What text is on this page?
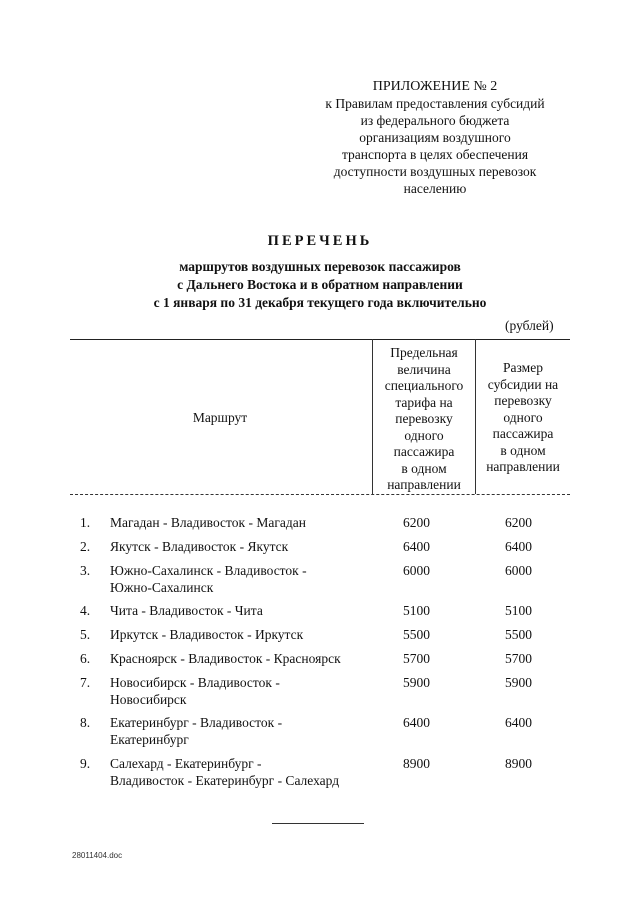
ПРИЛОЖЕНИЕ № 2
к Правилам предоставления субсидий
из федерального бюджета
организациям воздушного
транспорта в целях обеспечения
доступности воздушных перевозок
населению
ПЕРЕЧЕНЬ
маршрутов воздушных перевозок пассажиров
с Дальнего Востока и в обратном направлении
с 1 января по 31 декабря текущего года включительно
(рублей)
Маршрут
Предельная
величина
специального
тарифа на
перевозку
одного
пассажира
в одном
направлении
Размер
субсидии на
перевозку
одного
пассажира
в одном
направлении
1.	Магадан - Владивосток - Магадан	6200	6200
2.	Якутск - Владивосток - Якутск	6400	6400
3.	Южно-Сахалинск - Владивосток -
Южно-Сахалинск
6000	6000
4.	Чита - Владивосток - Чита	5100	5100
5.	Иркутск - Владивосток - Иркутск	5500	5500
6.	Красноярск - Владивосток - Красноярск	5700	5700
7.	Новосибирск - Владивосток -
Новосибирск
5900	5900
8.	Екатеринбург - Владивосток -
Екатеринбург
6400	6400
9.	Салехард - Екатеринбург -
Владивосток - Екатеринбург - Салехард
8900	8900
28011404.doc
